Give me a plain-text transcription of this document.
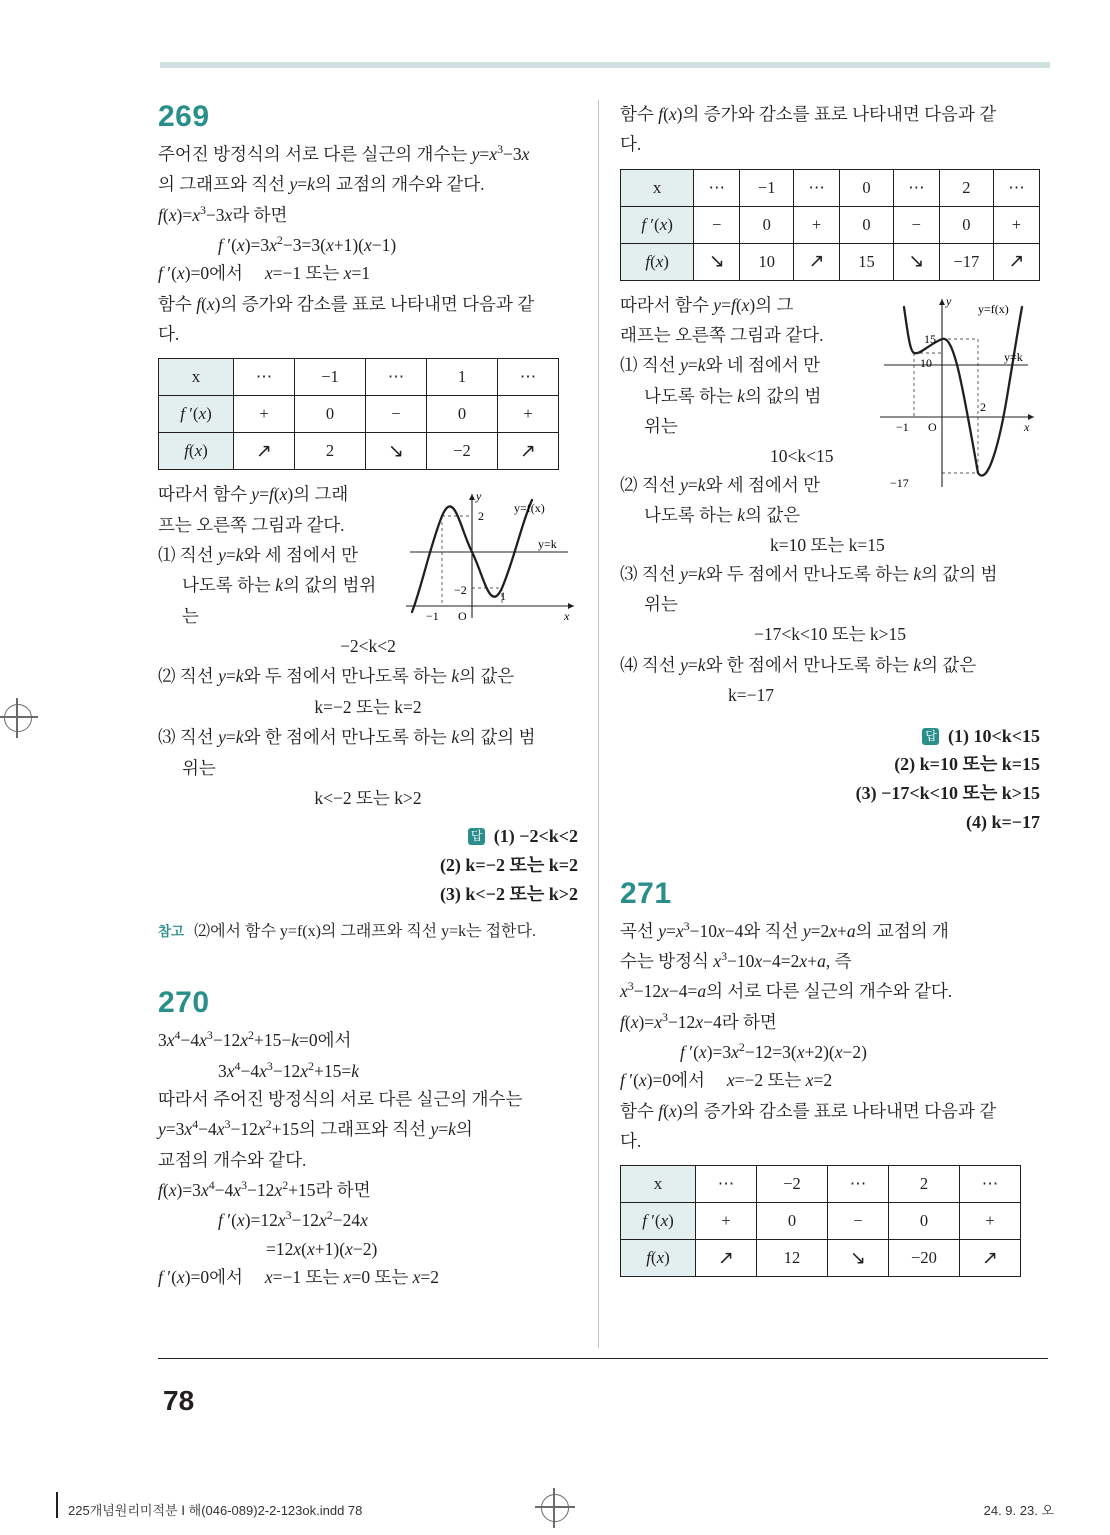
269

주어진 방정식의 서로 다른 실근의 개수는 $y=x^3-3x$

의 그래프와 직선 y=k의 교점의 개수와 같다.

$f(x)=x^3-3x$라 하면

f $'(x)=3x^2-3=3(x+1)(x-1)$

f ′(x)=0에서     x=−1 또는 x=1

함수 f(x)의 증가와 감소를 표로 나타내면 다음과 같

다.

x	⋯	−1	⋯	1	⋯
f ′(x)	+	0	−	0	+
f(x)	↗	2	↘	−2	↗
y
x
O
−1
1
2
−2
y=f(x)
y=k

따라서 함수 y=f(x)의 그래

프는 오른쪽 그림과 같다.

⑴ 직선 y=k와 세 점에서 만

나도록 하는 k의 값의 범위

는

−2<k<2

⑵ 직선 y=k와 두 점에서 만나도록 하는 k의 값은

k=−2 또는 k=2

⑶ 직선 y=k와 한 점에서 만나도록 하는 k의 값의 범

위는

k<−2 또는 k>2
답 (1) −2<k<2
(2) k=−2 또는 k=2
(3) k<−2 또는 k>2
참고 ⑵에서 함수 y=f(x)의 그래프와 직선 y=k는 접한다.
270

$3x^4-4x^3-12x^2+15-k=0$에서

$3x^4-4x^3-12x^2+15=k$

따라서 주어진 방정식의 서로 다른 실근의 개수는

$y=3x^4-4x^3-12x^2+15$의 그래프와 직선 y=k의

교점의 개수와 같다.

$f(x)=3x^4-4x^3-12x^2+15$라 하면

f $'(x)=12x^3-12x^2-24x$
=12x(x+1)(x−2)

f ′(x)=0에서     x=−1 또는 x=0 또는 x=2

함수 f(x)의 증가와 감소를 표로 나타내면 다음과 같

다.

x	⋯	−1	⋯	0	⋯	2	⋯
f ′(x)	−	0	+	0	−	0	+
f(x)	↘	10	↗	15	↘	−17	↗
y
x
O
−1
2
15
10
−17
y=f(x)
y=k

따라서 함수 y=f(x)의 그

래프는 오른쪽 그림과 같다.

⑴ 직선 y=k와 네 점에서 만

나도록 하는 k의 값의 범

위는

10<k<15

⑵ 직선 y=k와 세 점에서 만

나도록 하는 k의 값은

k=10 또는 k=15

⑶ 직선 y=k와 두 점에서 만나도록 하는 k의 값의 범

위는

−17<k<10 또는 k>15

⑷ 직선 y=k와 한 점에서 만나도록 하는 k의 값은

k=−17
답 (1) 10<k<15
(2) k=10 또는 k=15
(3) −17<k<10 또는 k>15
(4) k=−17
271

곡선 $y=x^3-10x-4$와 직선 y=2x+a의 교점의 개

수는 방정식 $x^3-10x-4=2x+a$, 즉

$x^3-12x-4=a$의 서로 다른 실근의 개수와 같다.

$f(x)=x^3-12x-4$라 하면

f $'(x)=3x^2-12=3(x+2)(x-2)$

f ′(x)=0에서     x=−2 또는 x=2

함수 f(x)의 증가와 감소를 표로 나타내면 다음과 같

다.

x	⋯	−2	⋯	2	⋯
f ′(x)	+	0	−	0	+
f(x)	↗	12	↘	−20	↗
78
225개념원리미적분 Ⅰ 해(046-089)2-2-123ok.indd 78	24. 9. 23. 오
